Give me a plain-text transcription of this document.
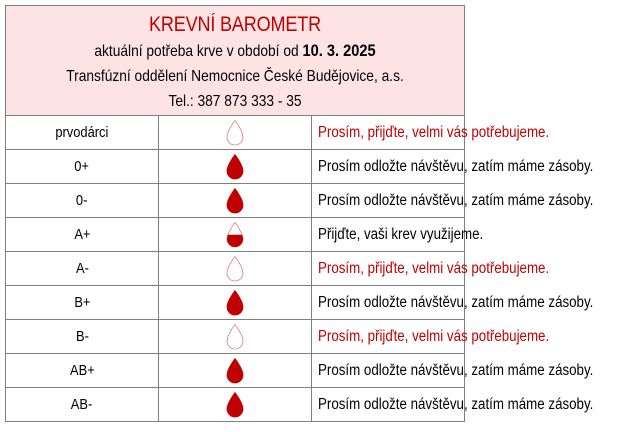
KREVNÍ BAROMETR
aktuální potřeba krve v období od 10. 3. 2025
Transfúzní oddělení Nemocnice České Budějovice, a.s.
Tel.: 387 873 333 - 35		

prvodárci		Prosím, přijďte, velmi vás potřebujeme.
0+		Prosím odložte návštěvu, zatím máme zásoby.
0-		Prosím odložte návštěvu, zatím máme zásoby.
A+		Přijďte, vaši krev využijeme.
A-		Prosím, přijďte, velmi vás potřebujeme.
B+		Prosím odložte návštěvu, zatím máme zásoby.
B-		Prosím, přijďte, velmi vás potřebujeme.
AB+		Prosím odložte návštěvu, zatím máme zásoby.
AB-		Prosím odložte návštěvu, zatím máme zásoby.
